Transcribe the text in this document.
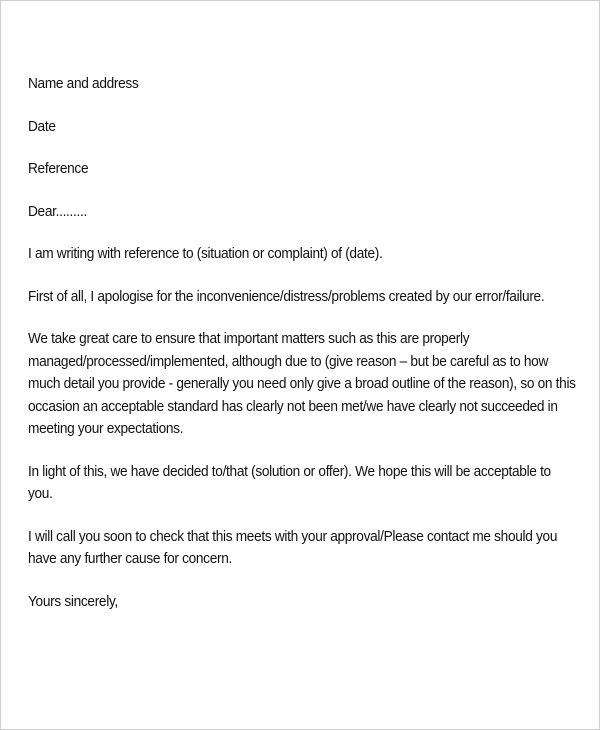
Name and address

Date

Reference

Dear.........

I am writing with reference to (situation or complaint) of (date).

First of all, I apologise for the inconvenience/distress/problems created by our error/failure.

We take great care to ensure that important matters such as this are properly managed/processed/implemented, although due to (give reason – but be careful as to how much detail you provide - generally you need only give a broad outline of the reason), so on this occasion an acceptable standard has clearly not been met/we have clearly not succeeded in meeting your expectations.

In light of this, we have decided to/that (solution or offer). We hope this will be acceptable to you.

I will call you soon to check that this meets with your approval/Please contact me should you have any further cause for concern.

Yours sincerely,
